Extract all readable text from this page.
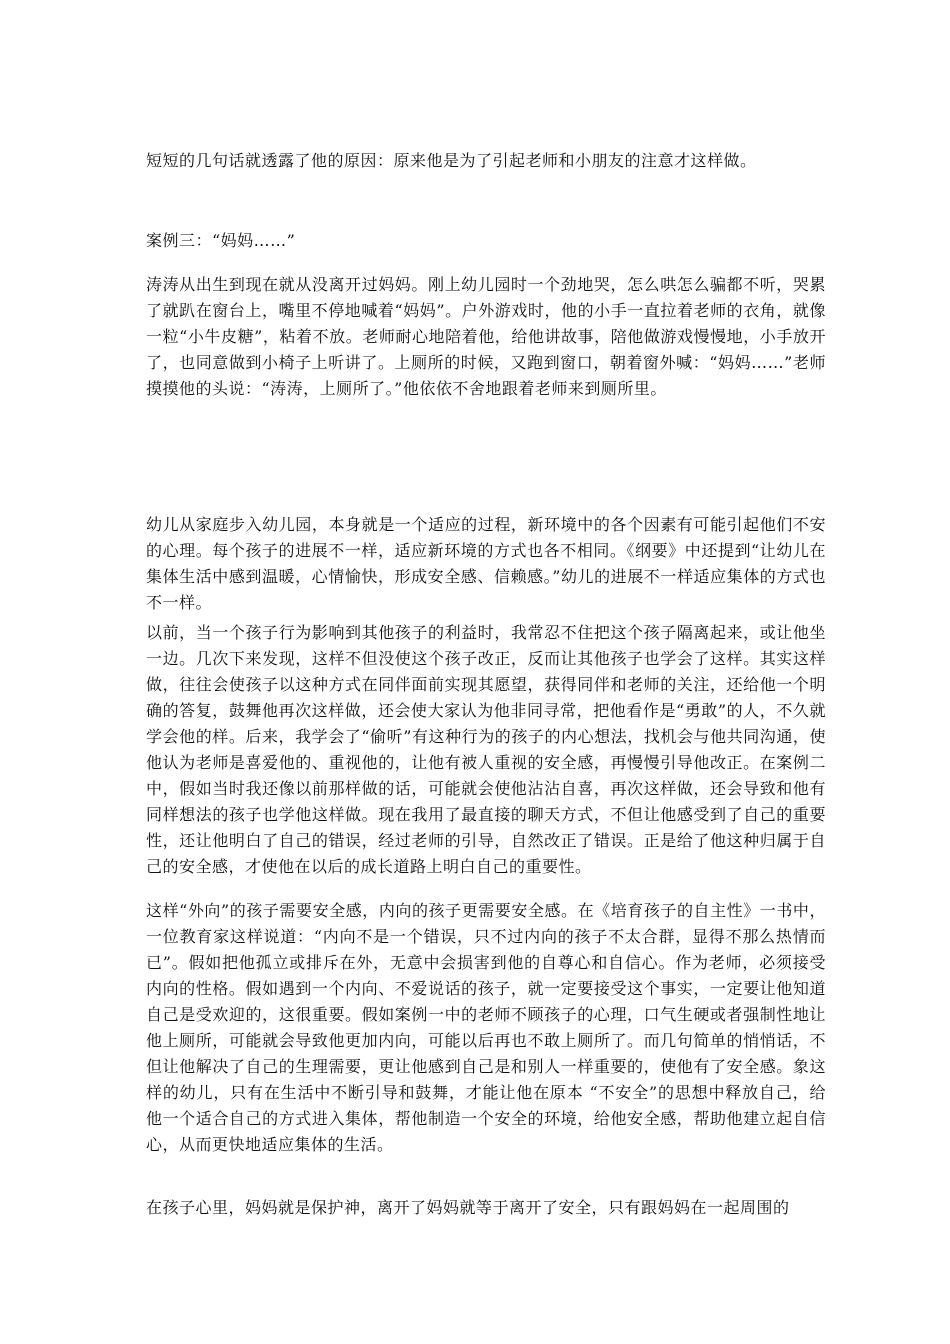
短短的几句话就透露了他的原因：原来他是为了引起老师和小朋友的注意才这样做。

案例三：“妈妈……”

涛涛从出生到现在就从没离开过妈妈。刚上幼儿园时一个劲地哭，怎么哄怎么骗都不听，哭累了就趴在窗台上，嘴里不停地喊着“妈妈”。户外游戏时，他的小手一直拉着老师的衣角，就像一粒“小牛皮糖”，粘着不放。老师耐心地陪着他，给他讲故事，陪他做游戏慢慢地，小手放开了，也同意做到小椅子上听讲了。上厕所的时候，又跑到窗口，朝着窗外喊：“妈妈……”老师摸摸他的头说：“涛涛，上厕所了。”他依依不舍地跟着老师来到厕所里。

幼儿从家庭步入幼儿园，本身就是一个适应的过程，新环境中的各个因素有可能引起他们不安的心理。每个孩子的进展不一样，适应新环境的方式也各不相同。《纲要》中还提到“让幼儿在集体生活中感到温暖，心情愉快，形成安全感、信赖感。”幼儿的进展不一样适应集体的方式也不一样。

以前，当一个孩子行为影响到其他孩子的利益时，我常忍不住把这个孩子隔离起来，或让他坐一边。几次下来发现，这样不但没使这个孩子改正，反而让其他孩子也学会了这样。其实这样做，往往会使孩子以这种方式在同伴面前实现其愿望，获得同伴和老师的关注，还给他一个明确的答复，鼓舞他再次这样做，还会使大家认为他非同寻常，把他看作是“勇敢”的人，不久就学会他的样。后来，我学会了“偷听”有这种行为的孩子的内心想法，找机会与他共同沟通，使他认为老师是喜爱他的、重视他的，让他有被人重视的安全感，再慢慢引导他改正。在案例二中，假如当时我还像以前那样做的话，可能就会使他沾沾自喜，再次这样做，还会导致和他有同样想法的孩子也学他这样做。现在我用了最直接的聊天方式，不但让他感受到了自己的重要性，还让他明白了自己的错误，经过老师的引导，自然改正了错误。正是给了他这种归属于自己的安全感，才使他在以后的成长道路上明白自己的重要性。

这样“外向”的孩子需要安全感，内向的孩子更需要安全感。在《培育孩子的自主性》一书中，一位教育家这样说道：“内向不是一个错误，只不过内向的孩子不太合群，显得不那么热情而已”。假如把他孤立或排斥在外，无意中会损害到他的自尊心和自信心。作为老师，必须接受内向的性格。假如遇到一个内向、不爱说话的孩子，就一定要接受这个事实，一定要让他知道自己是受欢迎的，这很重要。假如案例一中的老师不顾孩子的心理，口气生硬或者强制性地让他上厕所，可能就会导致他更加内向，可能以后再也不敢上厕所了。而几句简单的悄悄话，不但让他解决了自己的生理需要，更让他感到自己是和别人一样重要的，使他有了安全感。象这样的幼儿，只有在生活中不断引导和鼓舞，才能让他在原本 “不安全”的思想中释放自己，给他一个适合自己的方式进入集体，帮他制造一个安全的环境，给他安全感，帮助他建立起自信心，从而更快地适应集体的生活。

在孩子心里，妈妈就是保护神，离开了妈妈就等于离开了安全，只有跟妈妈在一起周围的
